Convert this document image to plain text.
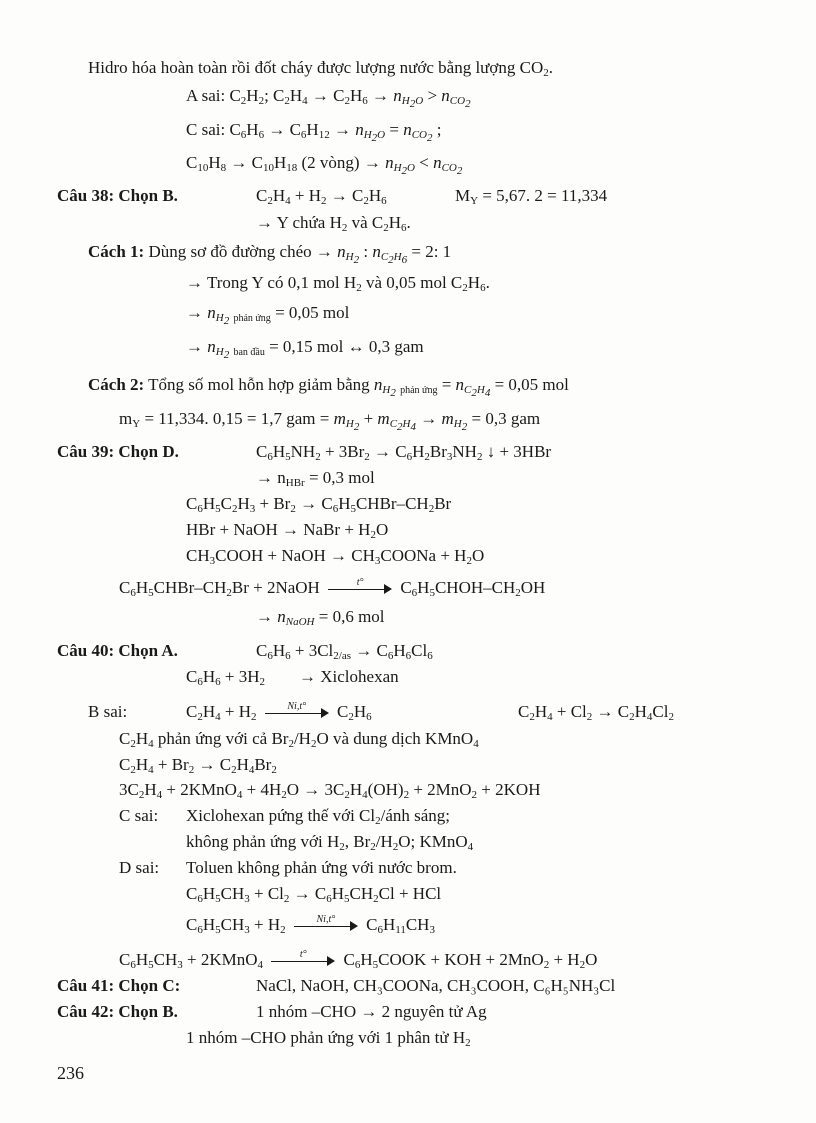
Hidro hóa hoàn toàn rồi đốt cháy được lượng nước bằng lượng $CO_2$.
A sai: $C_2H_2$; $C_2H_4 \to C_2H_6 \to n_{H_2O} > n_{CO_2}$
C sai: $C_6H_6 \to C_6H_{12} \to n_{H_2O} = n_{CO_2}$ ;
$C_{10}H_8 \to C_{10}H_{18}$ (2 vòng) → $n_{H_2O} < n_{CO_2}$
Câu 38: Chọn B.	$C_2H_4 + H_2 \to C_2H_6$	$M_Y = 5,67$. 2 = 11,334
→ Y chứa $H_2$ và $C_2H_6$.
Cách 1: Dùng sơ đồ đường chéo → $n_{H_2}$ : $n_{C_2H_6} = 2$: 1
→ Trong Y có 0,1 mol $H_2$ và 0,05 mol $C_2H_6$.
→ $n_{H_2}$ phản ứng = 0,05 mol
→ $n_{H_2}$ ban đầu = 0,15 mol ↔ 0,3 gam
Cách 2: Tổng số mol hỗn hợp giảm bằng $n_{H_2}$ phản ứng = $n_{C_2H_4} = 0,05$ mol
$m_Y = 11,334$. 0,15 = 1,7 gam = $m_{H_2} + m_{C_2H_4} \to m_{H_2} = 0,3$ gam
Câu 39: Chọn D.	$C_6H_5NH_2 + 3Br_2 \to C_6H_2Br_3NH_2$ ↓ + 3HBr
→ $n_{HBr} = 0,3$ mol
$C_6H_5C_2H_3 + Br_2$ → $C_6H_5CHBr-CH_2Br$
HBr + NaOH → NaBr + $H_2O$
$CH_3COOH$ + NaOH → $CH_3COONa + H_2O$
$C_6H_5CHBr-CH_2Br$ + 2NaOH	t°	$C_6H_5CHOH-CH_2OH$
→ $n_{NaOH} = 0,6$ mol
Câu 40: Chọn A.	$C_6H_6 + 3Cl_{2/as} \to C_6H_6Cl_6$
$C_6H_6 + 3H_2$ → Xiclohexan
B sai:	$C_2H_4 + H_2$
Ni,t°	$C_2H_6$	$C_2H_4 + Cl_2 \to C_2H_4Cl_2$
$C_2H_4$ phản ứng với cả $Br_2/H_2O$ và dung dịch KMnO$_4$
$C_2H_4 + Br_2 \to C_2H_4Br_2$
$3C_2H_4$ + 2KMnO$_4$ + $4H_2O \to 3C_2H_4(OH)_2 + 2MnO_2 + 2KOH$
C sai: Xiclohexan pứng thế với $Cl_2$/ánh sáng;
không phản ứng với $H_2$, $Br_2/H_2O$; KMnO$_4$
D sai: Toluen không phản ứng với nước brom.
$C_6H_5CH_3 + Cl_2 \to C_6H_5CH_2Cl$ + HCl
$C_6H_5CH_3 + H_2$
Ni,t°	$C_6H_{11}CH_3$
$C_6H_5CH_3$ + 2KMnO$_4$
t°	$C_6H_5COOK$ + KOH + $2MnO_2 + H_2O$
Câu 41: Chọn C:	NaCl, NaOH, CH₃COONa, CH₃COOH, C₆H₅NH₃Cl
Câu 42: Chọn B.	1 nhóm –CHO → 2 nguyên tử Ag
1 nhóm –CHO phản ứng với 1 phân tử $H_2$
236
